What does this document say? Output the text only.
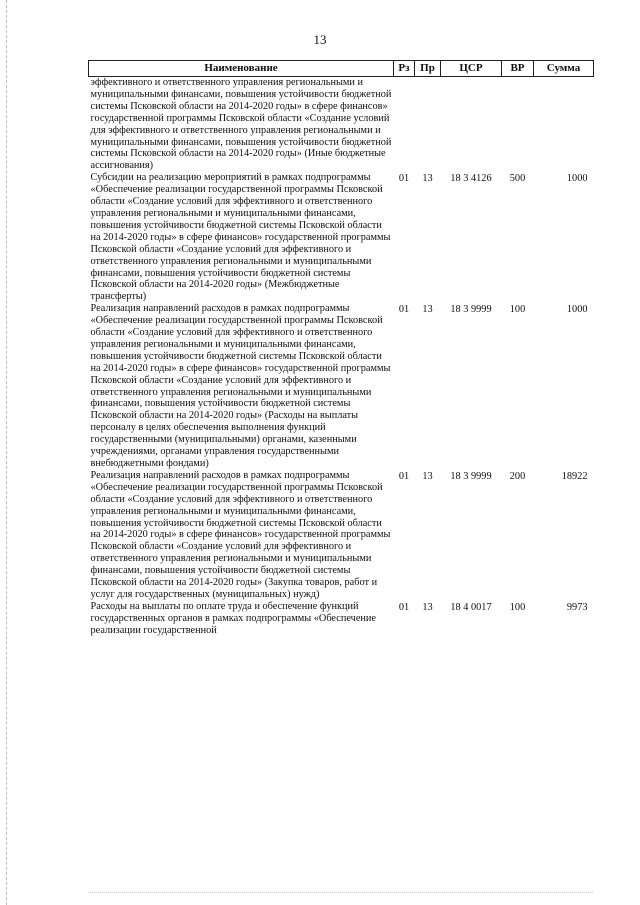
13
Наименование	Рз	Пр	ЦСР	ВР	Сумма
эффективного и ответственного управления региональными и муниципальными финансами, повышения устойчивости бюджетной системы Псковской области на 2014-2020 годы» в сфере финансов» государственной программы Псковской области «Создание условий для эффективного и ответственного управления региональными и муниципальными финансами, повышения устойчивости бюджетной системы Псковской области на 2014-2020 годы» (Иные бюджетные ассигнования)					
Субсидии на реализацию мероприятий в рамках подпрограммы «Обеспечение реализации государственной программы Псковской области «Создание условий для эффективного и ответственного управления региональными и муниципальными финансами, повышения устойчивости бюджетной системы Псковской области на 2014-2020 годы» в сфере финансов» государственной программы Псковской области «Создание условий для эффективного и ответственного управления региональными и муниципальными финансами, повышения устойчивости бюджетной системы Псковской области на 2014-2020 годы» (Межбюджетные трансферты)	01	13	18 3 4126	500	1000
Реализация направлений расходов в рамках подпрограммы «Обеспечение реализации государственной программы Псковской области «Создание условий для эффективного и ответственного управления региональными и муниципальными финансами, повышения устойчивости бюджетной системы Псковской области на 2014-2020 годы» в сфере финансов» государственной программы Псковской области «Создание условий для эффективного и ответственного управления региональными и муниципальными финансами, повышения устойчивости бюджетной системы Псковской области на 2014-2020 годы» (Расходы на выплаты персоналу в целях обеспечения выполнения функций государственными (муниципальными) органами, казенными учреждениями, органами управления государственными внебюджетными фондами)	01	13	18 3 9999	100	1000
Реализация направлений расходов в рамках подпрограммы «Обеспечение реализации государственной программы Псковской области «Создание условий для эффективного и ответственного управления региональными и муниципальными финансами, повышения устойчивости бюджетной системы Псковской области на 2014-2020 годы» в сфере финансов» государственной программы Псковской области «Создание условий для эффективного и ответственного управления региональными и муниципальными финансами, повышения устойчивости бюджетной системы Псковской области на 2014-2020 годы» (Закупка товаров, работ и услуг для государственных (муниципальных) нужд)	01	13	18 3 9999	200	18922
Расходы на выплаты по оплате труда и обеспечение функций государственных органов в рамках подпрограммы «Обеспечение реализации государственной	01	13	18 4 0017	100	9973
